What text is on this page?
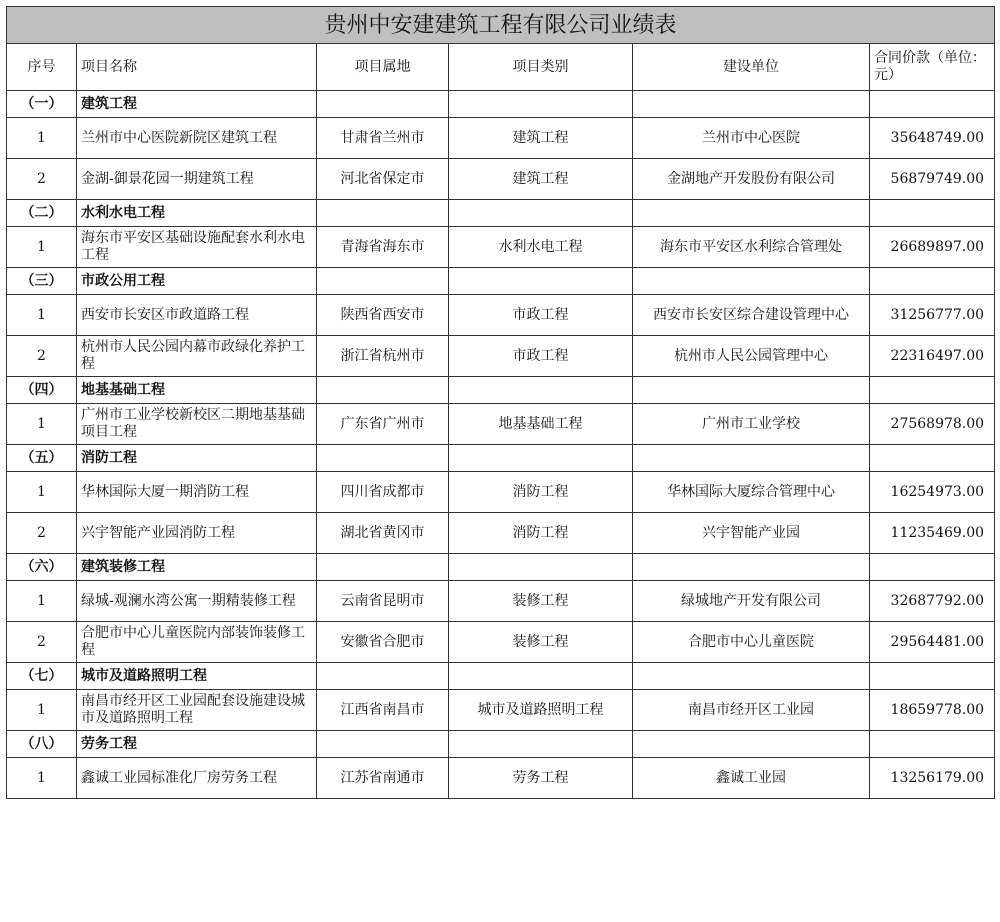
贵州中安建建筑工程有限公司业绩表					
序号	项目名称	项目属地	项目类别	建设单位	合同价款（单位：元）
（一）	建筑工程				
1	兰州市中心医院新院区建筑工程	甘肃省兰州市	建筑工程	兰州市中心医院	35648749.00
2	金湖-御景花园一期建筑工程	河北省保定市	建筑工程	金湖地产开发股份有限公司	56879749.00
（二）	水利水电工程				
1	海东市平安区基础设施配套水利水电工程	青海省海东市	水利水电工程	海东市平安区水利综合管理处	26689897.00
（三）	市政公用工程				
1	西安市长安区市政道路工程	陕西省西安市	市政工程	西安市长安区综合建设管理中心	31256777.00
2	杭州市人民公园内幕市政绿化养护工程	浙江省杭州市	市政工程	杭州市人民公园管理中心	22316497.00
（四）	地基基础工程				
1	广州市工业学校新校区二期地基基础项目工程	广东省广州市	地基基础工程	广州市工业学校	27568978.00
（五）	消防工程				
1	华林国际大厦一期消防工程	四川省成都市	消防工程	华林国际大厦综合管理中心	16254973.00
2	兴宇智能产业园消防工程	湖北省黄冈市	消防工程	兴宇智能产业园	11235469.00
（六）	建筑装修工程				
1	绿城-观澜水湾公寓一期精装修工程	云南省昆明市	装修工程	绿城地产开发有限公司	32687792.00
2	合肥市中心儿童医院内部装饰装修工程	安徽省合肥市	装修工程	合肥市中心儿童医院	29564481.00
（七）	城市及道路照明工程				
1	南昌市经开区工业园配套设施建设城市及道路照明工程	江西省南昌市	城市及道路照明工程	南昌市经开区工业园	18659778.00
（八）	劳务工程				
1	鑫诚工业园标准化厂房劳务工程	江苏省南通市	劳务工程	鑫诚工业园	13256179.00
